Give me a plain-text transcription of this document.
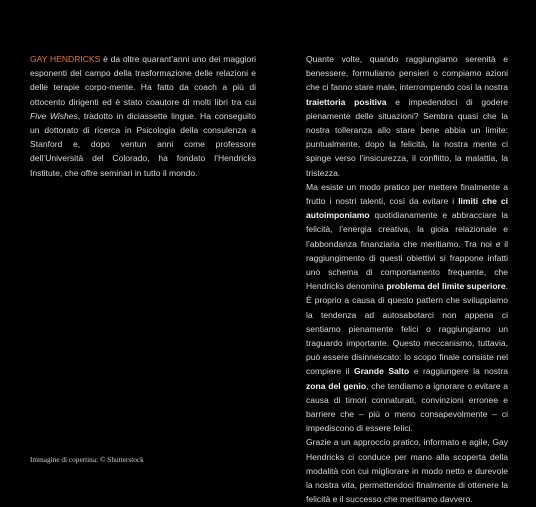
GAY HENDRICKS è da oltre quarant’anni uno dei maggiori esponenti del campo della trasformazione delle relazioni e delle terapie corpo-mente. Ha fatto da coach a più di ottocento dirigenti ed è stato coautore di molti libri tra cui Five Wishes, tradotto in diciassette lingue. Ha conseguito un dottorato di ricerca in Psicologia della consulenza a Stanford e, dopo ventun anni come professore dell’Università del Colorado, ha fondato l’Hendricks Institute, che offre seminari in tutto il mondo.

Quante volte, quando raggiungiamo serenità e benessere, formuliamo pensieri o compiamo azioni che ci fanno stare male, interrompendo così la nostra traiettoria positiva e impedendoci di godere pienamente delle situazioni? Sembra quasi che la nostra tolleranza allo stare bene abbia un limite: puntualmente, dopo la felicità, la nostra mente ci spinge verso l’insicurezza, il conflitto, la malattia, la tristezza.

Ma esiste un modo pratico per mettere finalmente a frutto i nostri talenti, così da evitare i limiti che ci autoimponiamo quotidianamente e abbracciare la felicità, l’energia creativa, la gioia relazionale e l’abbondanza finanziaria che meritiamo. Tra noi e il raggiungimento di questi obiettivi si frappone infatti uno schema di comportamento frequente, che Hendricks denomina problema del limite superiore. È proprio a causa di questo pattern che sviluppiamo la tendenza ad autosabotarci non appena ci sentiamo pienamente felici o raggiungiamo un traguardo importante. Questo meccanismo, tuttavia, può essere disinnescato: lo scopo finale consiste nel compiere il Grande Salto e raggiungere la nostra zona del genio, che tendiamo a ignorare o evitare a causa di timori connaturati, convinzioni erronee e barriere che – più o meno consapevolmente – ci impediscono di essere felici.

Grazie a un approccio pratico, informato e agile, Gay Hendricks ci conduce per mano alla scoperta della modalità con cui migliorare in modo netto e durevole la nostra vita, permettendoci finalmente di ottenere la felicità e il successo che meritiamo davvero.

Immagine di copertina: © Shutterstock
